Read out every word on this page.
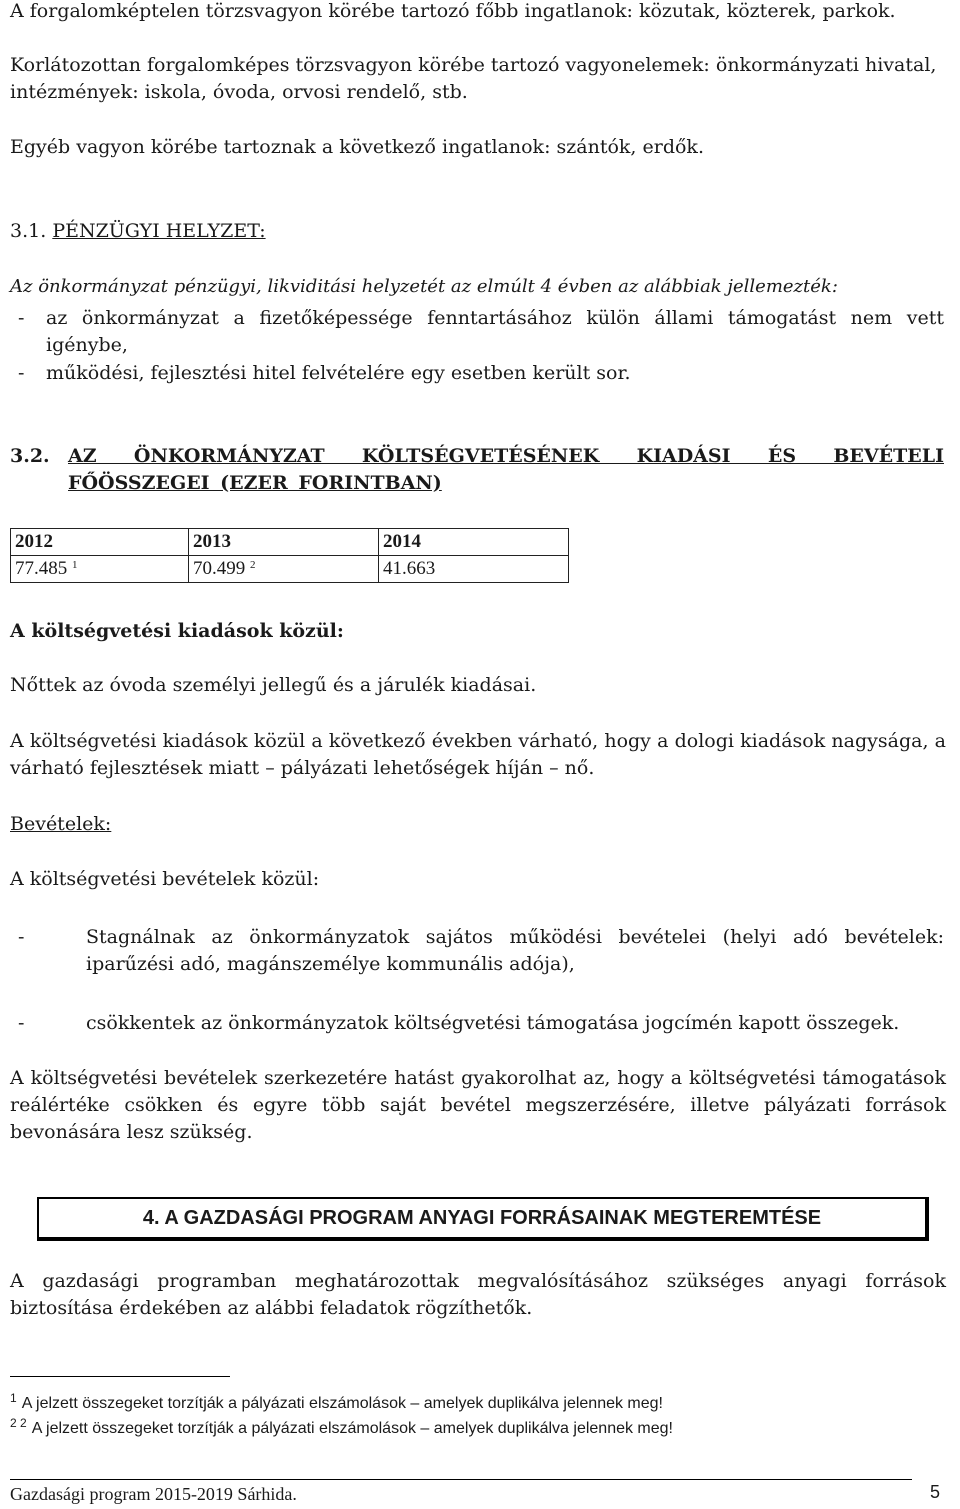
A forgalomképtelen törzsvagyon körébe tartozó főbb ingatlanok: közutak, közterek, parkok.
Korlátozottan forgalomképes törzsvagyon körébe tartozó vagyonelemek: önkormányzati hivatal, intézmények: iskola, óvoda, orvosi rendelő, stb.
Egyéb vagyon körébe tartoznak a következő ingatlanok: szántók, erdők.
3.1. PÉNZÜGYI HELYZET:
Az önkormányzat pénzügyi, likviditási helyzetét az elmúlt 4 évben az alábbiak jellemezték:
- az önkormányzat a fizetőképessége fenntartásához külön állami támogatást nem vett igénybe,
- működési, fejlesztési hitel felvételére egy esetben került sor.
3.2. AZ ÖNKORMÁNYZAT KÖLTSÉGVETÉSÉNEK KIADÁSI ÉS BEVÉTELI FŐÖSSZEGEI (EZER FORINTBAN)
2012	2013	2014
77.485 $^1$	70.499 $^2$	41.663
A költségvetési kiadások közül:
Nőttek az óvoda személyi jellegű és a járulék kiadásai.
A költségvetési kiadások közül a következő években várható, hogy a dologi kiadások nagysága, a várható fejlesztések miatt – pályázati lehetőségek híján – nő.
Bevételek:
A költségvetési bevételek közül:
-	Stagnálnak az önkormányzatok sajátos működési bevételei (helyi adó bevételek: iparűzési adó, magánszemélye kommunális adója),
-	csökkentek az önkormányzatok költségvetési támogatása jogcímén kapott összegek.
A költségvetési bevételek szerkezetére hatást gyakorolhat az, hogy a költségvetési támogatások reálértéke csökken és egyre több saját bevétel megszerzésére, illetve pályázati források bevonására lesz szükség.
4. A GAZDASÁGI PROGRAM ANYAGI FORRÁSAINAK MEGTEREMTÉSE
A gazdasági programban meghatározottak megvalósításához szükséges anyagi források biztosítása érdekében az alábbi feladatok rögzíthetők.
$^1$ A jelzett összegeket torzítják a pályázati elszámolások – amelyek duplikálva jelennek meg!
$^{2 2}$ A jelzett összegeket torzítják a pályázati elszámolások – amelyek duplikálva jelennek meg!
Gazdasági program 2015-2019 Sárhida.	5
